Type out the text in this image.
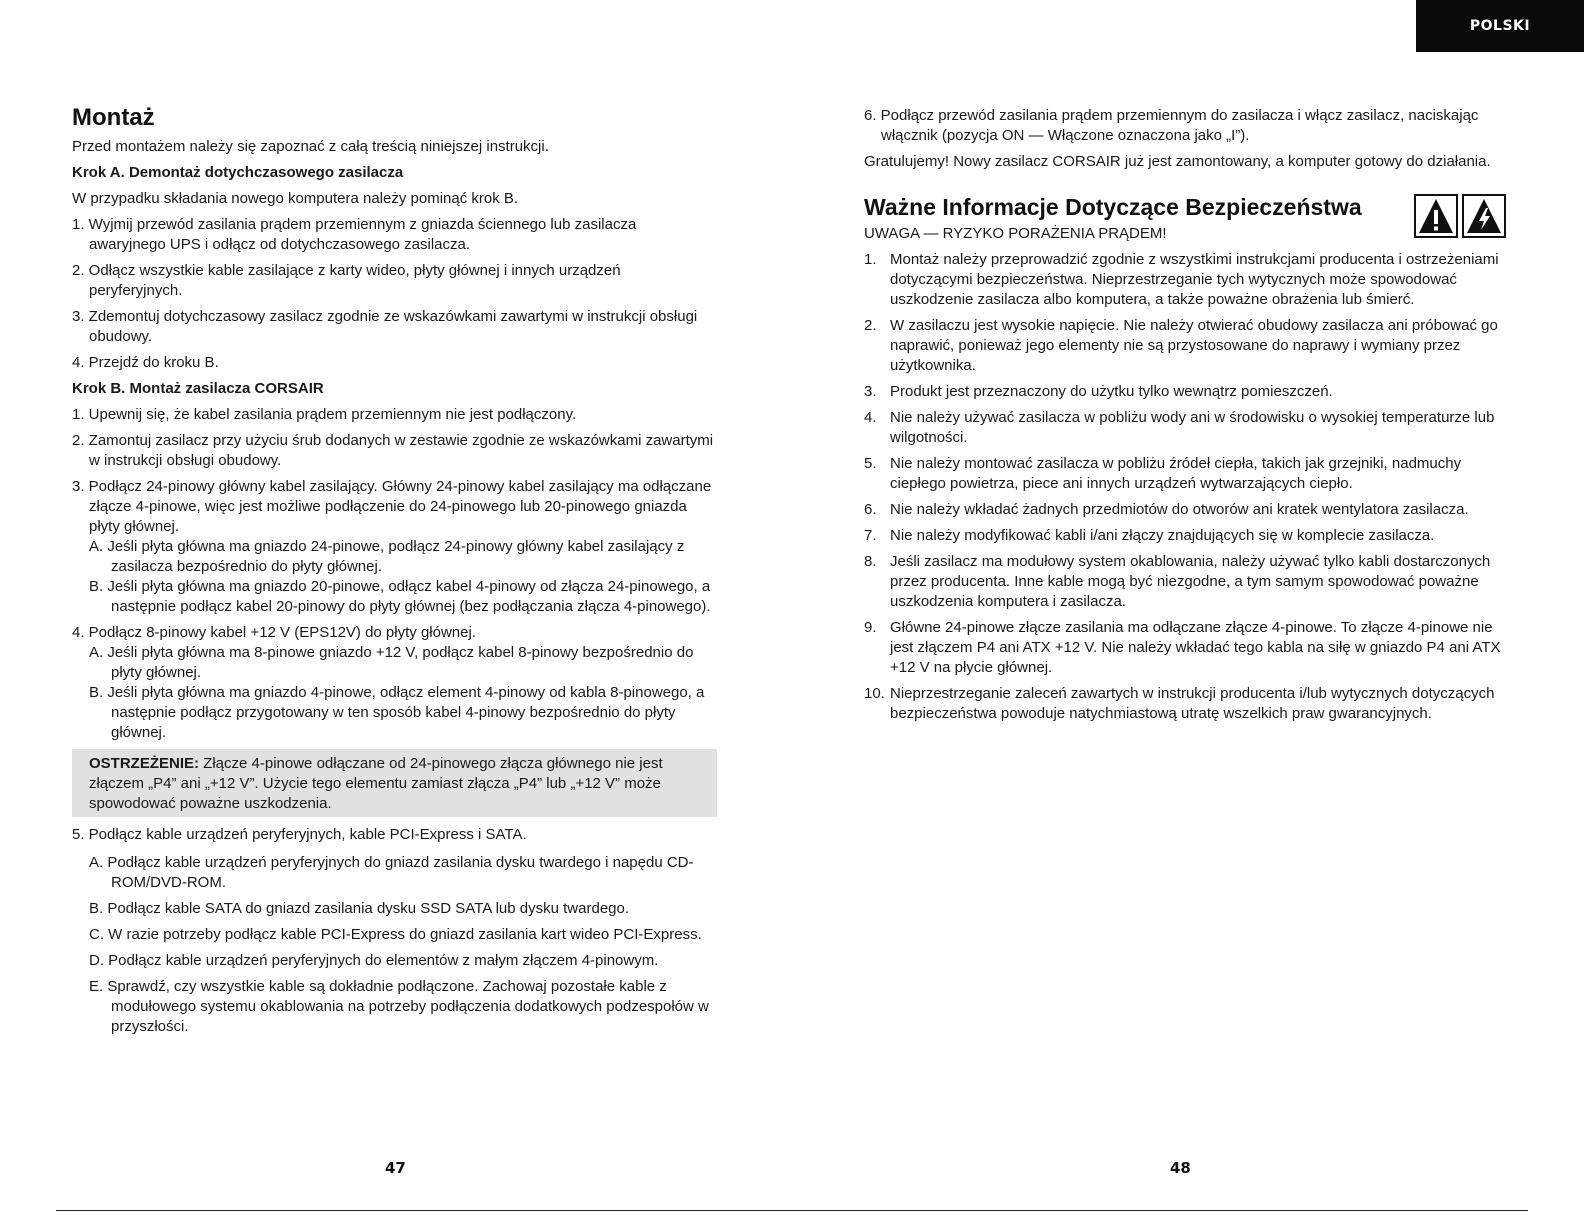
POLSKI
Montaż

Przed montażem należy się zapoznać z całą treścią niniejszej instrukcji.

Krok A. Demontaż dotychczasowego zasilacza

W przypadku składania nowego komputera należy pominąć krok B.

1. Wyjmij przewód zasilania prądem przemiennym z gniazda ściennego lub zasilacza awaryjnego UPS i odłącz od dotychczasowego zasilacza.
2. Odłącz wszystkie kable zasilające z karty wideo, płyty głównej i innych urządzeń peryferyjnych.
3. Zdemontuj dotychczasowy zasilacz zgodnie ze wskazówkami zawartymi w instrukcji obsługi obudowy.
4. Przejdź do kroku B.

Krok B. Montaż zasilacza CORSAIR

1. Upewnij się, że kabel zasilania prądem przemiennym nie jest podłączony.
2. Zamontuj zasilacz przy użyciu śrub dodanych w zestawie zgodnie ze wskazówkami zawartymi w instrukcji obsługi obudowy.
3. Podłącz 24-pinowy główny kabel zasilający. Główny 24-pinowy kabel zasilający ma odłączane złącze 4-pinowe, więc jest możliwe podłączenie do 24-pinowego lub 20-pinowego gniazda płyty głównej.
A. Jeśli płyta główna ma gniazdo 24-pinowe, podłącz 24-pinowy główny kabel zasilający z zasilacza bezpośrednio do płyty głównej.
B. Jeśli płyta główna ma gniazdo 20-pinowe, odłącz kabel 4-pinowy od złącza 24-pinowego, a następnie podłącz kabel 20-pinowy do płyty głównej (bez podłączania złącza 4-pinowego).
4. Podłącz 8-pinowy kabel +12 V (EPS12V) do płyty głównej.
A. Jeśli płyta główna ma 8-pinowe gniazdo +12 V, podłącz kabel 8-pinowy bezpośrednio do płyty głównej.
B. Jeśli płyta główna ma gniazdo 4-pinowe, odłącz element 4-pinowy od kabla 8-pinowego, a następnie podłącz przygotowany w ten sposób kabel 4-pinowy bezpośrednio do płyty głównej.

OSTRZEŻENIE: Złącze 4-pinowe odłączane od 24-pinowego złącza głównego nie jest złączem „P4” ani „+12 V”. Użycie tego elementu zamiast złącza „P4” lub „+12 V” może spowodować poważne uszkodzenia.

5. Podłącz kable urządzeń peryferyjnych, kable PCI-Express i SATA.
A. Podłącz kable urządzeń peryferyjnych do gniazd zasilania dysku twardego i napędu CD-ROM/DVD-ROM.
B. Podłącz kable SATA do gniazd zasilania dysku SSD SATA lub dysku twardego.
C. W razie potrzeby podłącz kable PCI-Express do gniazd zasilania kart wideo PCI-Express.
D. Podłącz kable urządzeń peryferyjnych do elementów z małym złączem 4-pinowym.
E. Sprawdź, czy wszystkie kable są dokładnie podłączone. Zachowaj pozostałe kable z modułowego systemu okablowania na potrzeby podłączenia dodatkowych podzespołów w przyszłości.
6. Podłącz przewód zasilania prądem przemiennym do zasilacza i włącz zasilacz, naciskając włącznik (pozycja ON — Włączone oznaczona jako „I”).

Gratulujemy! Nowy zasilacz CORSAIR już jest zamontowany, a komputer gotowy do działania.

Ważne Informacje Dotyczące Bezpieczeństwa

UWAGA — RYZYKO PORAŻENIA PRĄDEM!

1. Montaż należy przeprowadzić zgodnie z wszystkimi instrukcjami producenta i ostrzeżeniami dotyczącymi bezpieczeństwa. Nieprzestrzeganie tych wytycznych może spowodować uszkodzenie zasilacza albo komputera, a także poważne obrażenia lub śmierć.
2. W zasilaczu jest wysokie napięcie. Nie należy otwierać obudowy zasilacza ani próbować go naprawić, ponieważ jego elementy nie są przystosowane do naprawy i wymiany przez użytkownika.
3. Produkt jest przeznaczony do użytku tylko wewnątrz pomieszczeń.
4. Nie należy używać zasilacza w pobliżu wody ani w środowisku o wysokiej temperaturze lub wilgotności.
5. Nie należy montować zasilacza w pobliżu źródeł ciepła, takich jak grzejniki, nadmuchy ciepłego powietrza, piece ani innych urządzeń wytwarzających ciepło.
6. Nie należy wkładać żadnych przedmiotów do otworów ani kratek wentylatora zasilacza.
7. Nie należy modyfikować kabli i/ani złączy znajdujących się w komplecie zasilacza.
8. Jeśli zasilacz ma modułowy system okablowania, należy używać tylko kabli dostarczonych przez producenta. Inne kable mogą być niezgodne, a tym samym spowodować poważne uszkodzenia komputera i zasilacza.
9. Główne 24-pinowe złącze zasilania ma odłączane złącze 4-pinowe. To złącze 4-pinowe nie jest złączem P4 ani ATX +12 V. Nie należy wkładać tego kabla na siłę w gniazdo P4 ani ATX +12 V na płycie głównej.
10. Nieprzestrzeganie zaleceń zawartych w instrukcji producenta i/lub wytycznych dotyczących bezpieczeństwa powoduje natychmiastową utratę wszelkich praw gwarancyjnych.
47	48
